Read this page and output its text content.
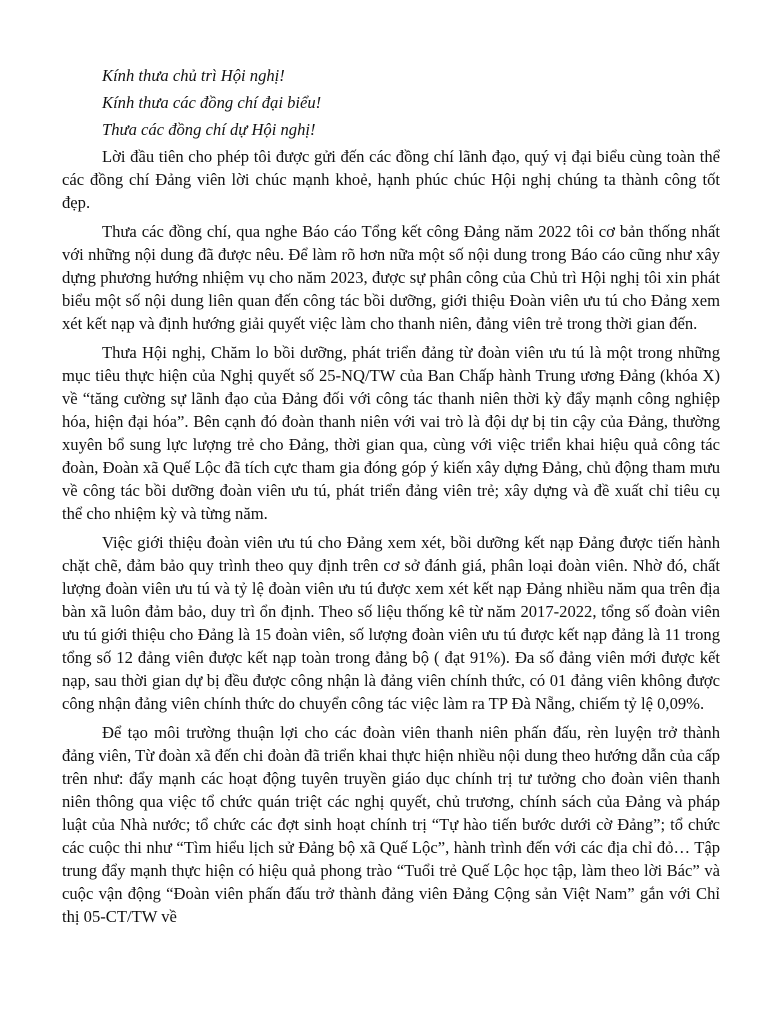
Kính thưa chủ trì Hội nghị!

Kính thưa các đồng chí đại biểu!

Thưa các đồng chí dự Hội nghị!

Lời đầu tiên cho phép tôi được gửi đến các đồng chí lãnh đạo, quý vị đại biểu cùng toàn thể các đồng chí Đảng viên lời chúc mạnh khoẻ, hạnh phúc chúc Hội nghị chúng ta thành công tốt đẹp.

Thưa các đồng chí, qua nghe Báo cáo Tổng kết công Đảng năm 2022 tôi cơ bản thống nhất với những nội dung đã được nêu. Để làm rõ hơn nữa một số nội dung trong Báo cáo cũng như xây dựng phương hướng nhiệm vụ cho năm 2023, được sự phân công của Chủ trì Hội nghị tôi xin phát biểu một số nội dung liên quan đến công tác bồi dưỡng, giới thiệu Đoàn viên ưu tú cho Đảng xem xét kết nạp và định hướng giải quyết việc làm cho thanh niên, đảng viên trẻ trong thời gian đến.

Thưa Hội nghị, Chăm lo bồi dưỡng, phát triển đảng từ đoàn viên ưu tú là một trong những mục tiêu thực hiện của Nghị quyết số 25-NQ/TW của Ban Chấp hành Trung ương Đảng (khóa X) về “tăng cường sự lãnh đạo của Đảng đối với công tác thanh niên thời kỳ đẩy mạnh công nghiệp hóa, hiện đại hóa”. Bên cạnh đó đoàn thanh niên với vai trò là đội dự bị tin cậy của Đảng, thường xuyên bổ sung lực lượng trẻ cho Đảng, thời gian qua, cùng với việc triển khai hiệu quả công tác đoàn, Đoàn xã Quế Lộc đã tích cực tham gia đóng góp ý kiến xây dựng Đảng, chủ động tham mưu về công tác bồi dưỡng đoàn viên ưu tú, phát triển đảng viên trẻ; xây dựng và đề xuất chỉ tiêu cụ thể cho nhiệm kỳ và từng năm.

Việc giới thiệu đoàn viên ưu tú cho Đảng xem xét, bồi dưỡng kết nạp Đảng được tiến hành chặt chẽ, đảm bảo quy trình theo quy định trên cơ sở đánh giá, phân loại đoàn viên. Nhờ đó, chất lượng đoàn viên ưu tú và tỷ lệ đoàn viên ưu tú được xem xét kết nạp Đảng nhiều năm qua trên địa bàn xã luôn đảm bảo, duy trì ổn định. Theo số liệu thống kê từ năm 2017-2022, tổng số đoàn viên ưu tú giới thiệu cho Đảng là 15 đoàn viên, số lượng đoàn viên ưu tú được kết nạp đảng là 11 trong tổng số 12 đảng viên được kết nạp toàn trong đảng bộ ( đạt 91%). Đa số đảng viên mới được kết nạp, sau thời gian dự bị đều được công nhận là đảng viên chính thức, có 01 đảng viên không được công nhận đảng viên chính thức do chuyển công tác việc làm ra TP Đà Nẵng, chiếm tỷ lệ 0,09%.

Để tạo môi trường thuận lợi cho các đoàn viên thanh niên phấn đấu, rèn luyện trở thành đảng viên, Từ đoàn xã đến chi đoàn đã triển khai thực hiện nhiều nội dung theo hướng dẫn của cấp trên như: đẩy mạnh các hoạt động tuyên truyền giáo dục chính trị tư tưởng cho đoàn viên thanh niên thông qua việc tổ chức quán triệt các nghị quyết, chủ trương, chính sách của Đảng và pháp luật của Nhà nước; tổ chức các đợt sinh hoạt chính trị “Tự hào tiến bước dưới cờ Đảng”; tổ chức các cuộc thi như “Tìm hiểu lịch sử Đảng bộ xã Quế Lộc”, hành trình đến với các địa chỉ đỏ… Tập trung đẩy mạnh thực hiện có hiệu quả phong trào “Tuổi trẻ Quế Lộc học tập, làm theo lời Bác” và cuộc vận động “Đoàn viên phấn đấu trở thành đảng viên Đảng Cộng sản Việt Nam” gắn với Chỉ thị 05-CT/TW về
